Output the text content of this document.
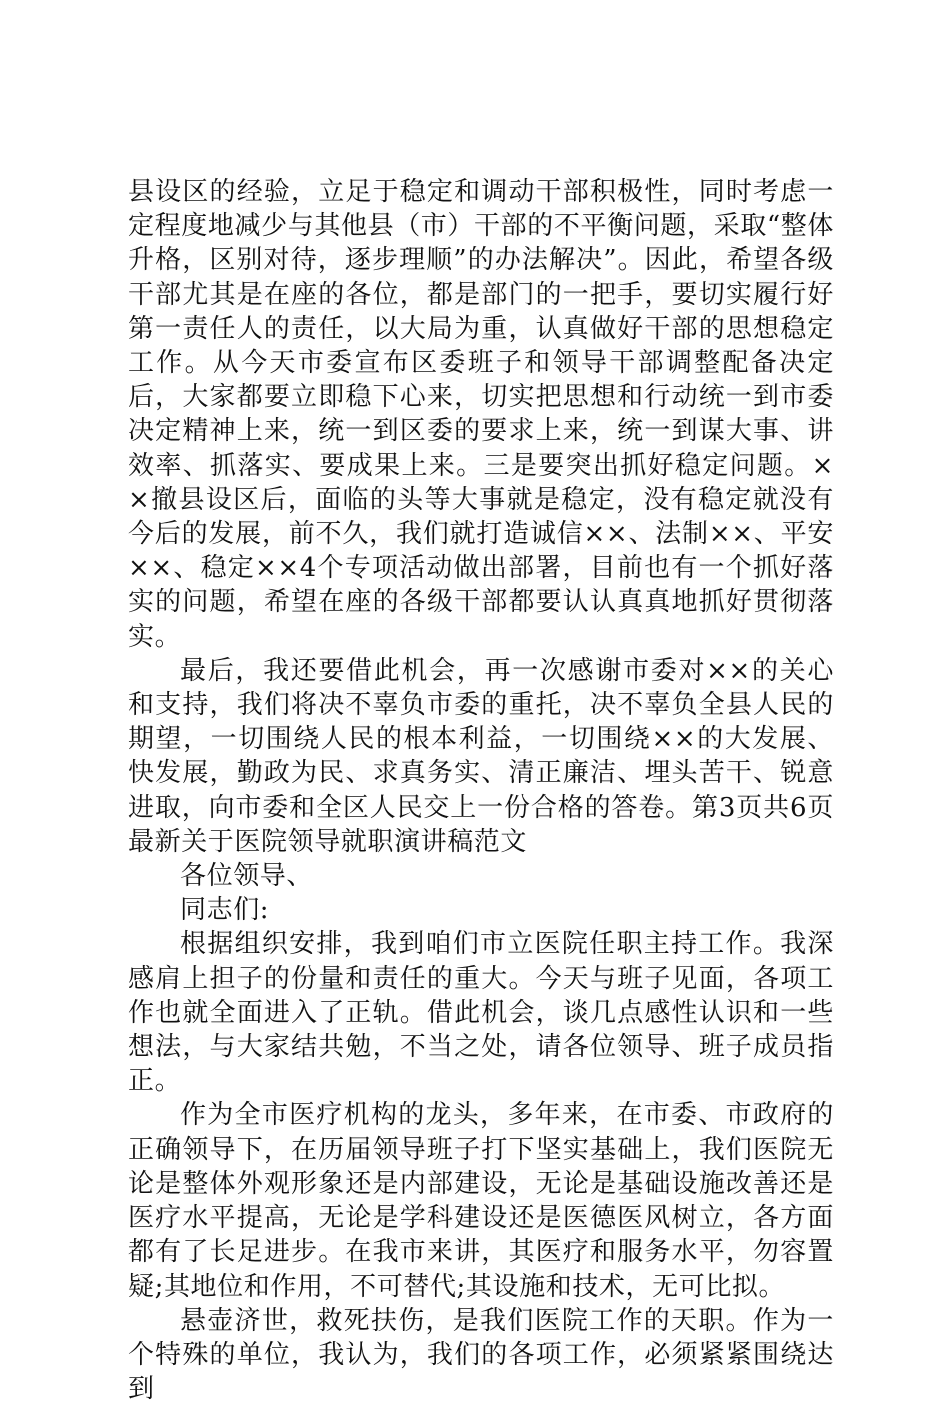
县设区的经验，立足于稳定和调动干部积极性，同时考虑一定程度地减少与其他县（市）干部的不平衡问题，采取“整体升格，区别对待，逐步理顺”的办法解决”。因此，希望各级干部尤其是在座的各位，都是部门的一把手，要切实履行好第一责任人的责任，以大局为重，认真做好干部的思想稳定工作。从今天市委宣布区委班子和领导干部调整配备决定后，大家都要立即稳下心来，切实把思想和行动统一到市委决定精神上来，统一到区委的要求上来，统一到谋大事、讲效率、抓落实、要成果上来。三是要突出抓好稳定问题。××撤县设区后，面临的头等大事就是稳定，没有稳定就没有今后的发展，前不久，我们就打造诚信××、法制××、平安××、稳定××4个专项活动做出部署，目前也有一个抓好落实的问题，希望在座的各级干部都要认认真真地抓好贯彻落实。

最后，我还要借此机会，再一次感谢市委对××的关心和支持，我们将决不辜负市委的重托，决不辜负全县人民的期望，一切围绕人民的根本利益，一切围绕××的大发展、快发展，勤政为民、求真务实、清正廉洁、埋头苦干、锐意进取，向市委和全区人民交上一份合格的答卷。第3页共6页最新关于医院领导就职演讲稿范文

各位领导、

同志们:

根据组织安排，我到咱们市立医院任职主持工作。我深感肩上担子的份量和责任的重大。今天与班子见面，各项工作也就全面进入了正轨。借此机会，谈几点感性认识和一些想法，与大家结共勉，不当之处，请各位领导、班子成员指正。

作为全市医疗机构的龙头，多年来，在市委、市政府的正确领导下，在历届领导班子打下坚实基础上，我们医院无论是整体外观形象还是内部建设，无论是基础设施改善还是医疗水平提高，无论是学科建设还是医德医风树立，各方面都有了长足进步。在我市来讲，其医疗和服务水平，勿容置疑;其地位和作用，不可替代;其设施和技术，无可比拟。

悬壶济世，救死扶伤，是我们医院工作的天职。作为一个特殊的单位，我认为，我们的各项工作，必须紧紧围绕达到
